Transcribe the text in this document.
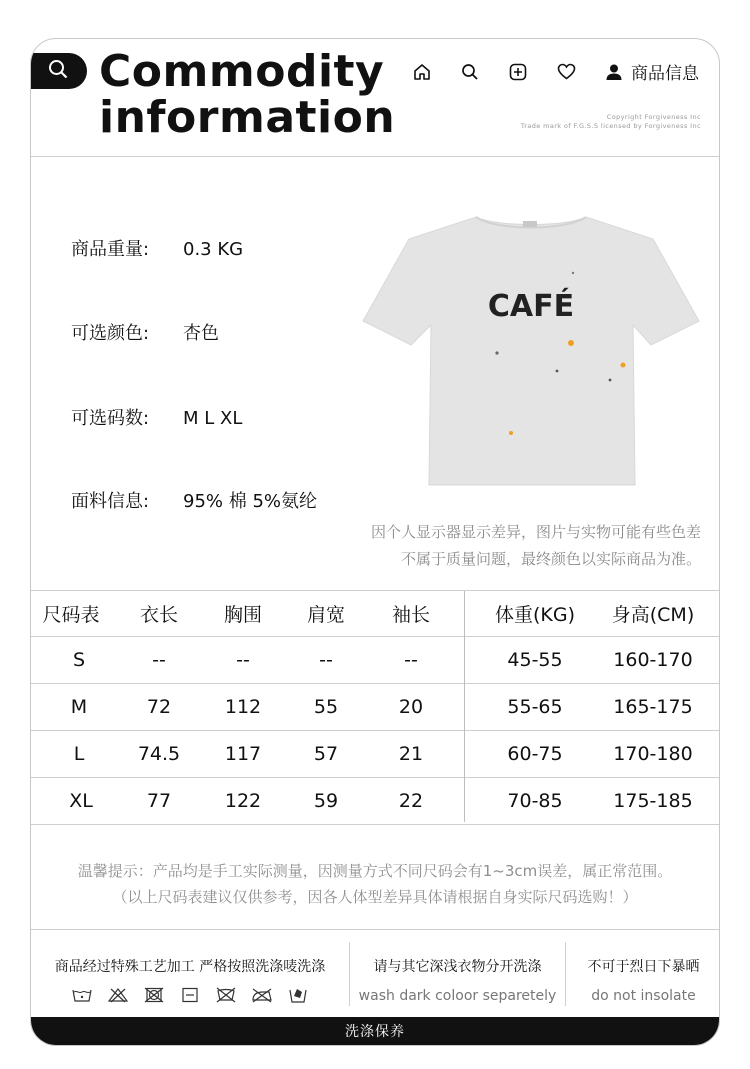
Commodity
information
商品信息
Copyright Forgiveness Inc
Trade mark of F.G.S.S licensed by Forgiveness Inc
商品重量: 0.3 KG
可选颜色: 杏色
可选码数: M L XL
面料信息: 95% 棉 5%氨纶
CAFÉ
因个人显示器显示差异，图片与实物可能有些色差
不属于质量问题，最终颜色以实际商品为准。
尺码表	衣长	胸围	肩宽	袖长	体重(KG)	身高(CM)
S	--	--	--	--	45-55	160-170
M	72	112	55	20	55-65	165-175
L	74.5	117	57	21	60-75	170-180
XL	77	122	59	22	70-85	175-185

温馨提示：产品均是手工实际测量，因测量方式不同尺码会有1~3cm误差，属正常范围。

（以上尺码表建议仅供参考，因各人体型差异具体请根据自身实际尺码选购！）

商品经过特殊工艺加工 严格按照洗涤唛洗涤	请与其它深浅衣物分开洗涤
wash dark coloor separetely
不可于烈日下暴晒
do not insolate
洗涤保养
